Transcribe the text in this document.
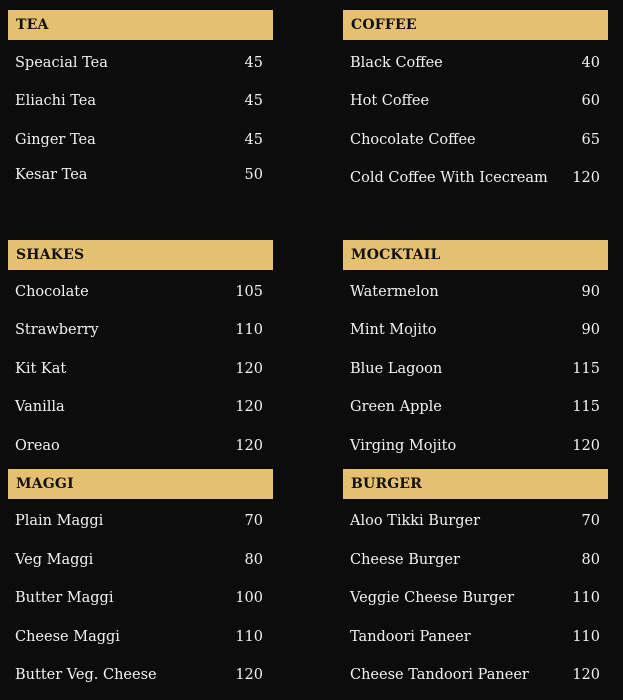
TEA
Speacial Tea	45
Eliachi Tea	45
Ginger Tea	45
Kesar Tea	50
COFFEE
Black Coffee	40
Hot Coffee	60
Chocolate Coffee	65
Cold Coffee With Icecream 120
SHAKES
Chocolate	105
Strawberry	110
Kit Kat	120
Vanilla	120
Oreao	120
MOCKTAIL
Watermelon	90
Mint Mojito	90
Blue Lagoon	115
Green Apple	115
Virging Mojito	120
MAGGI
Plain Maggi	70
Veg Maggi	80
Butter Maggi	100
Cheese Maggi	110
Butter Veg. Cheese	120
BURGER
Aloo Tikki Burger	70
Cheese Burger	80
Veggie Cheese Burger	110
Tandoori Paneer	110
Cheese Tandoori Paneer	120
